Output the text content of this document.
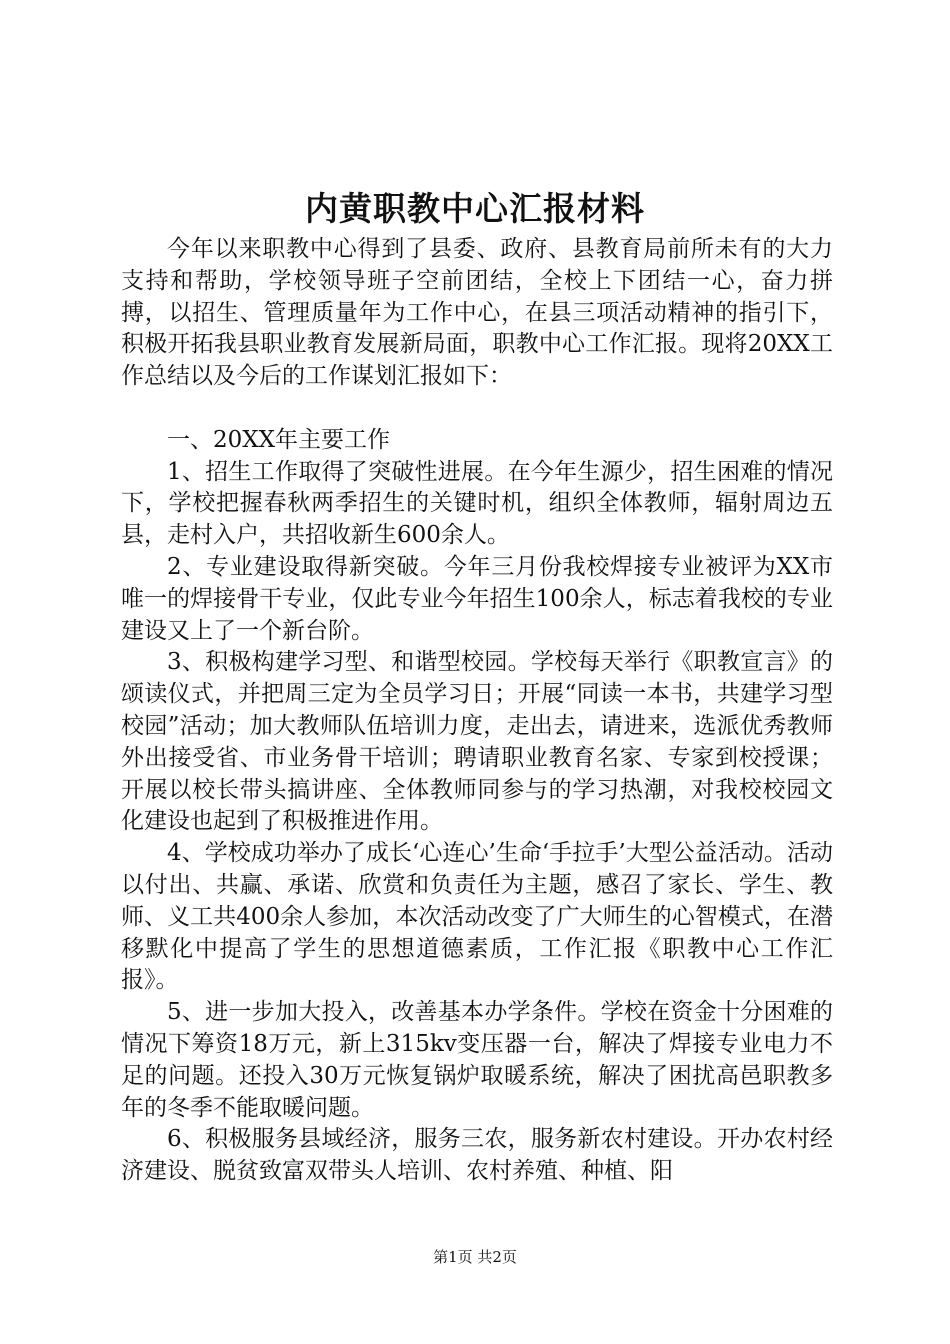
内黄职教中心汇报材料

今年以来职教中心得到了县委、政府、县教育局前所未有的大力支持和帮助，学校领导班子空前团结，全校上下团结一心，奋力拼搏，以招生、管理质量年为工作中心，在县三项活动精神的指引下，积极开拓我县职业教育发展新局面，职教中心工作汇报。现将20XX工作总结以及今后的工作谋划汇报如下：

一、20XX年主要工作

1、招生工作取得了突破性进展。在今年生源少，招生困难的情况下，学校把握春秋两季招生的关键时机，组织全体教师，辐射周边五县，走村入户，共招收新生600余人。

2、专业建设取得新突破。今年三月份我校焊接专业被评为XX市唯一的焊接骨干专业，仅此专业今年招生100余人，标志着我校的专业建设又上了一个新台阶。

3、积极构建学习型、和谐型校园。学校每天举行《职教宣言》的颂读仪式，并把周三定为全员学习日；开展“同读一本书，共建学习型校园”活动；加大教师队伍培训力度，走出去，请进来，选派优秀教师外出接受省、市业务骨干培训；聘请职业教育名家、专家到校授课；开展以校长带头搞讲座、全体教师同参与的学习热潮，对我校校园文化建设也起到了积极推进作用。

4、学校成功举办了成长‘心连心’生命‘手拉手’大型公益活动。活动以付出、共赢、承诺、欣赏和负责任为主题，感召了家长、学生、教师、义工共400余人参加，本次活动改变了广大师生的心智模式，在潜移默化中提高了学生的思想道德素质，工作汇报《职教中心工作汇报》。

5、进一步加大投入，改善基本办学条件。学校在资金十分困难的情况下筹资18万元，新上315kv变压器一台，解决了焊接专业电力不足的问题。还投入30万元恢复锅炉取暖系统，解决了困扰高邑职教多年的冬季不能取暖问题。

6、积极服务县域经济，服务三农，服务新农村建设。开办农村经济建设、脱贫致富双带头人培训、农村养殖、种植、阳

第1页 共2页
